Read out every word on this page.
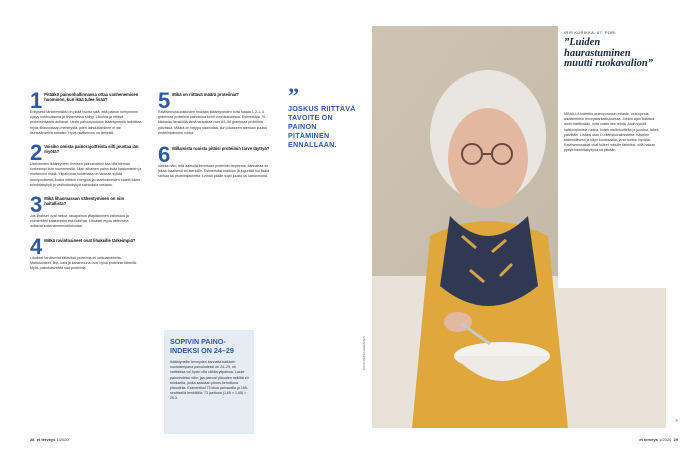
1 Pitääkö painonhallinnassa ottaa vanhenemisen huomioon, kun ikää tulee lisää?

Erityisesti tärkeimmäksi on pitää huolta siitä, että painon kertyminen pysyy kohtuullisena ja lihasmassa säilyy. Liikunta ja riittävä proteiininsaanti auttavat. Usein painonpudotus ikääntyneellä tarkoittaa myös lihasmassan menetystä, joten laihduttaminen ei ole itsestäänselvä ratkaisu. Hyvä ravitsemus on tärkeää.

2 Voisiko omista painorajoitteista silti joustaa iän myötä?

Useimmiten ikääntyneen ihmisen painoindeksi saa olla hieman korkeampi kuin nuoremmilla. Liian alhainen paino lisää kaatumisten ja murtumien riskiä. Ylipainosta huolimatta on tärkeää syödä monipuolisesti, koska riittävä energian ja ravintoaineiden saanti tukee toimintakykyä ja vastustuskykyä sairauksia vastaan.

3 Mikä lihasmassan vähentyminen on niin haitallista?

Jos lihakset ovat heikot, tasapainon ylläpitäminen vaikeutuu ja esimerkiksi kaatumisen riski kasvaa. Lihakset myös aktiivisina auttavat sokeriaineenvaihduntaa.

4 Mitkä ravintoaineet ovat lihaksille tärkeimpiä?

Lihakset tarvitsevat riittävästi proteiinia eli valkuaisaineita. Maitotuotteet, liha, kala ja kananmuna ovat hyviä proteiinin lähteitä. Myös palkokasveista saa proteiinia.

5 Mikä on riittävä määrä proteiinia?

Ravitsemussuositusten mukaan ikääntyneiden tulisi saada 1,2–1,4 grammaa proteiinia painokiloa kohti vuorokaudessa. Esimerkiksi 70-kiloisella henkilöllä tämä tarkoittaa noin 84–98 grammaa proteiinia päivässä. Määrä on helppo saavuttaa, kun jokaiseen ateriaan kuuluu proteiinipitoinen ruoka.

6 Millaisista ruoista pitäisi proteiinin tarve täyttyä?

Vaikka näin, että aamulla kerrotaan proteiinin tarpeesta, kannattaa se jakaa tasaisesti eri aterioille. Esimerkiksi maitoon ja jugurttiin voi lisätä rahkaa tai proteiinijauhetta. Leivän päälle sopii juusto tai kananmuna.

”
JOSKUS RIITTÄVÄ TAVOITE ON PAINON PITÄMINEN ENNALLAAN.
SOPIVIN PAINO-INDEKSI ON 24–29

Ikääntyneille terveyden kannalta kaikkein suotuisimpana painoindeksi on 24–29, eli varttaissa voi hyvin olla vähän ylipainoa. Laske painoindeksi näin: jaa painosi pituuden neliöllä eli tuloksella, jonka saadaan pituus kerrottuna pituudella. Esimerkiksi 73 kiloa painavalla ja 165-senttisellä henkilöllä: 73 jaettuna (1,65 × 1,65) = 26,3.

KUVA PEKKA KERÄNEN
IRIS KURIKKA, 67, PORI
”Luiden haurastuminen muutti ruokavalion”

MINULLA todettiin osteoporoosin esiaste, osteopenia, aikaisemmin terveystarkastuksessa. Jonkin ajan kuluttua aloin miettimään, mitä voisin itse tehdä. Aloin syödä kalsiumpitoisia ruokia, kuten maitotuotteita ja juustoa, lähes päivittäin. Lisäksi otan D-vitamiinivalmistetta. Kävelen säännöllisesti ja käyn kuntosalilla, ja se tuntuu hyvältä. Ravitsemusasiat ovat tulleet minulle tärkeiksi, sillä haluan pysyä toimintakykyisenä pitkään.

28 et terveys 1/2020
»
et terveys 1/2020 29
